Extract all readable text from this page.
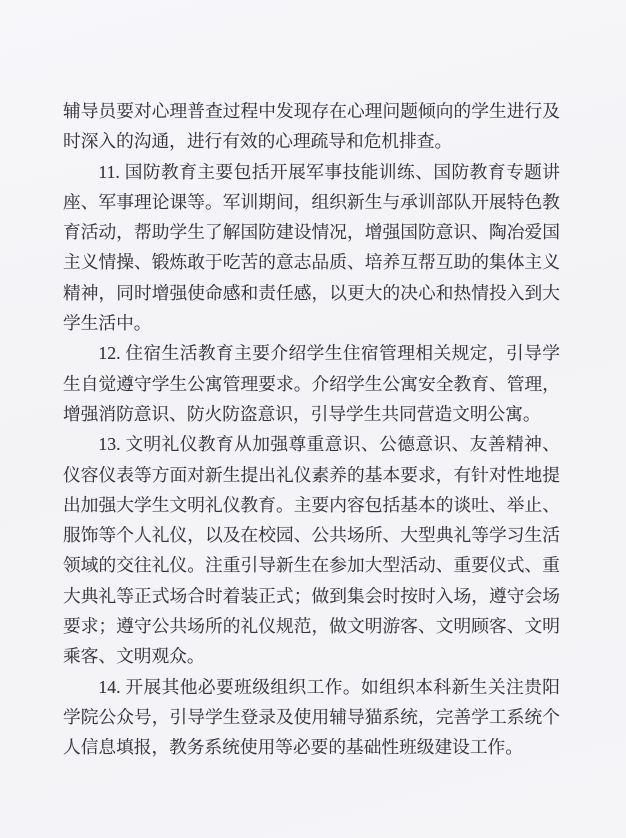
辅导员要对心理普查过程中发现存在心理问题倾向的学生进行及时深入的沟通，进行有效的心理疏导和危机排查。

11. 国防教育主要包括开展军事技能训练、国防教育专题讲座、军事理论课等。军训期间，组织新生与承训部队开展特色教育活动，帮助学生了解国防建设情况，增强国防意识、陶冶爱国主义情操、锻炼敢于吃苦的意志品质、培养互帮互助的集体主义精神，同时增强使命感和责任感，以更大的决心和热情投入到大学生活中。

12. 住宿生活教育主要介绍学生住宿管理相关规定，引导学生自觉遵守学生公寓管理要求。介绍学生公寓安全教育、管理，增强消防意识、防火防盗意识，引导学生共同营造文明公寓。

13. 文明礼仪教育从加强尊重意识、公德意识、友善精神、仪容仪表等方面对新生提出礼仪素养的基本要求，有针对性地提出加强大学生文明礼仪教育。主要内容包括基本的谈吐、举止、服饰等个人礼仪，以及在校园、公共场所、大型典礼等学习生活领域的交往礼仪。注重引导新生在参加大型活动、重要仪式、重大典礼等正式场合时着装正式；做到集会时按时入场，遵守会场要求；遵守公共场所的礼仪规范，做文明游客、文明顾客、文明乘客、文明观众。

14. 开展其他必要班级组织工作。如组织本科新生关注贵阳学院公众号，引导学生登录及使用辅导猫系统，完善学工系统个人信息填报，教务系统使用等必要的基础性班级建设工作。
